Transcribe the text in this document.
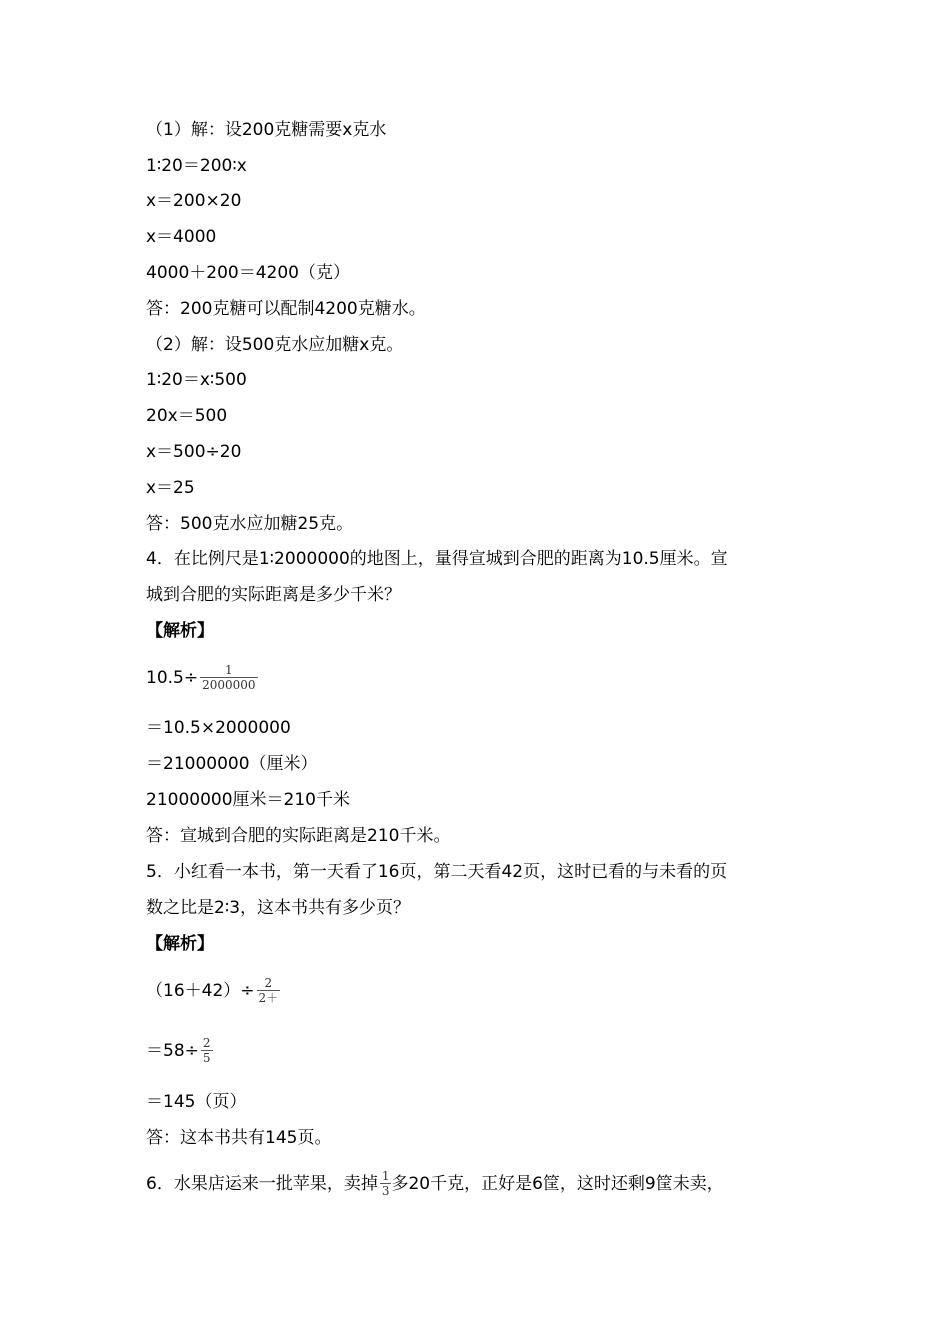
（1）解：设200克糖需要x克水
1∶20＝200∶x
x＝200×20
x＝4000
4000＋200＝4200（克）
答：200克糖可以配制4200克糖水。
（2）解：设500克水应加糖x克。
1∶20＝x∶500
20x＝500
x＝500÷20
x＝25
答：500克水应加糖25克。
4．在比例尺是1∶2000000的地图上，量得宣城到合肥的距离为10.5厘米。宣
城到合肥的实际距离是多少千米？
【解析】
$10.5\div \frac{1}{2000000}$
＝10.5×2000000
＝21000000（厘米）
21000000厘米＝210千米
答：宣城到合肥的实际距离是210千米。
5．小红看一本书，第一天看了16页，第二天看42页，这时已看的与未看的页
数之比是2∶3，这本书共有多少页？
【解析】
$(16+42)\div \frac{2}{2+}$
$=58\div \frac{2}{5}$
＝145（页）
答：这本书共有145页。
6．水果店运来一批苹果，卖掉 $\frac{1}{3}$ 多20千克，正好是6筐，这时还剩9筐未卖，
